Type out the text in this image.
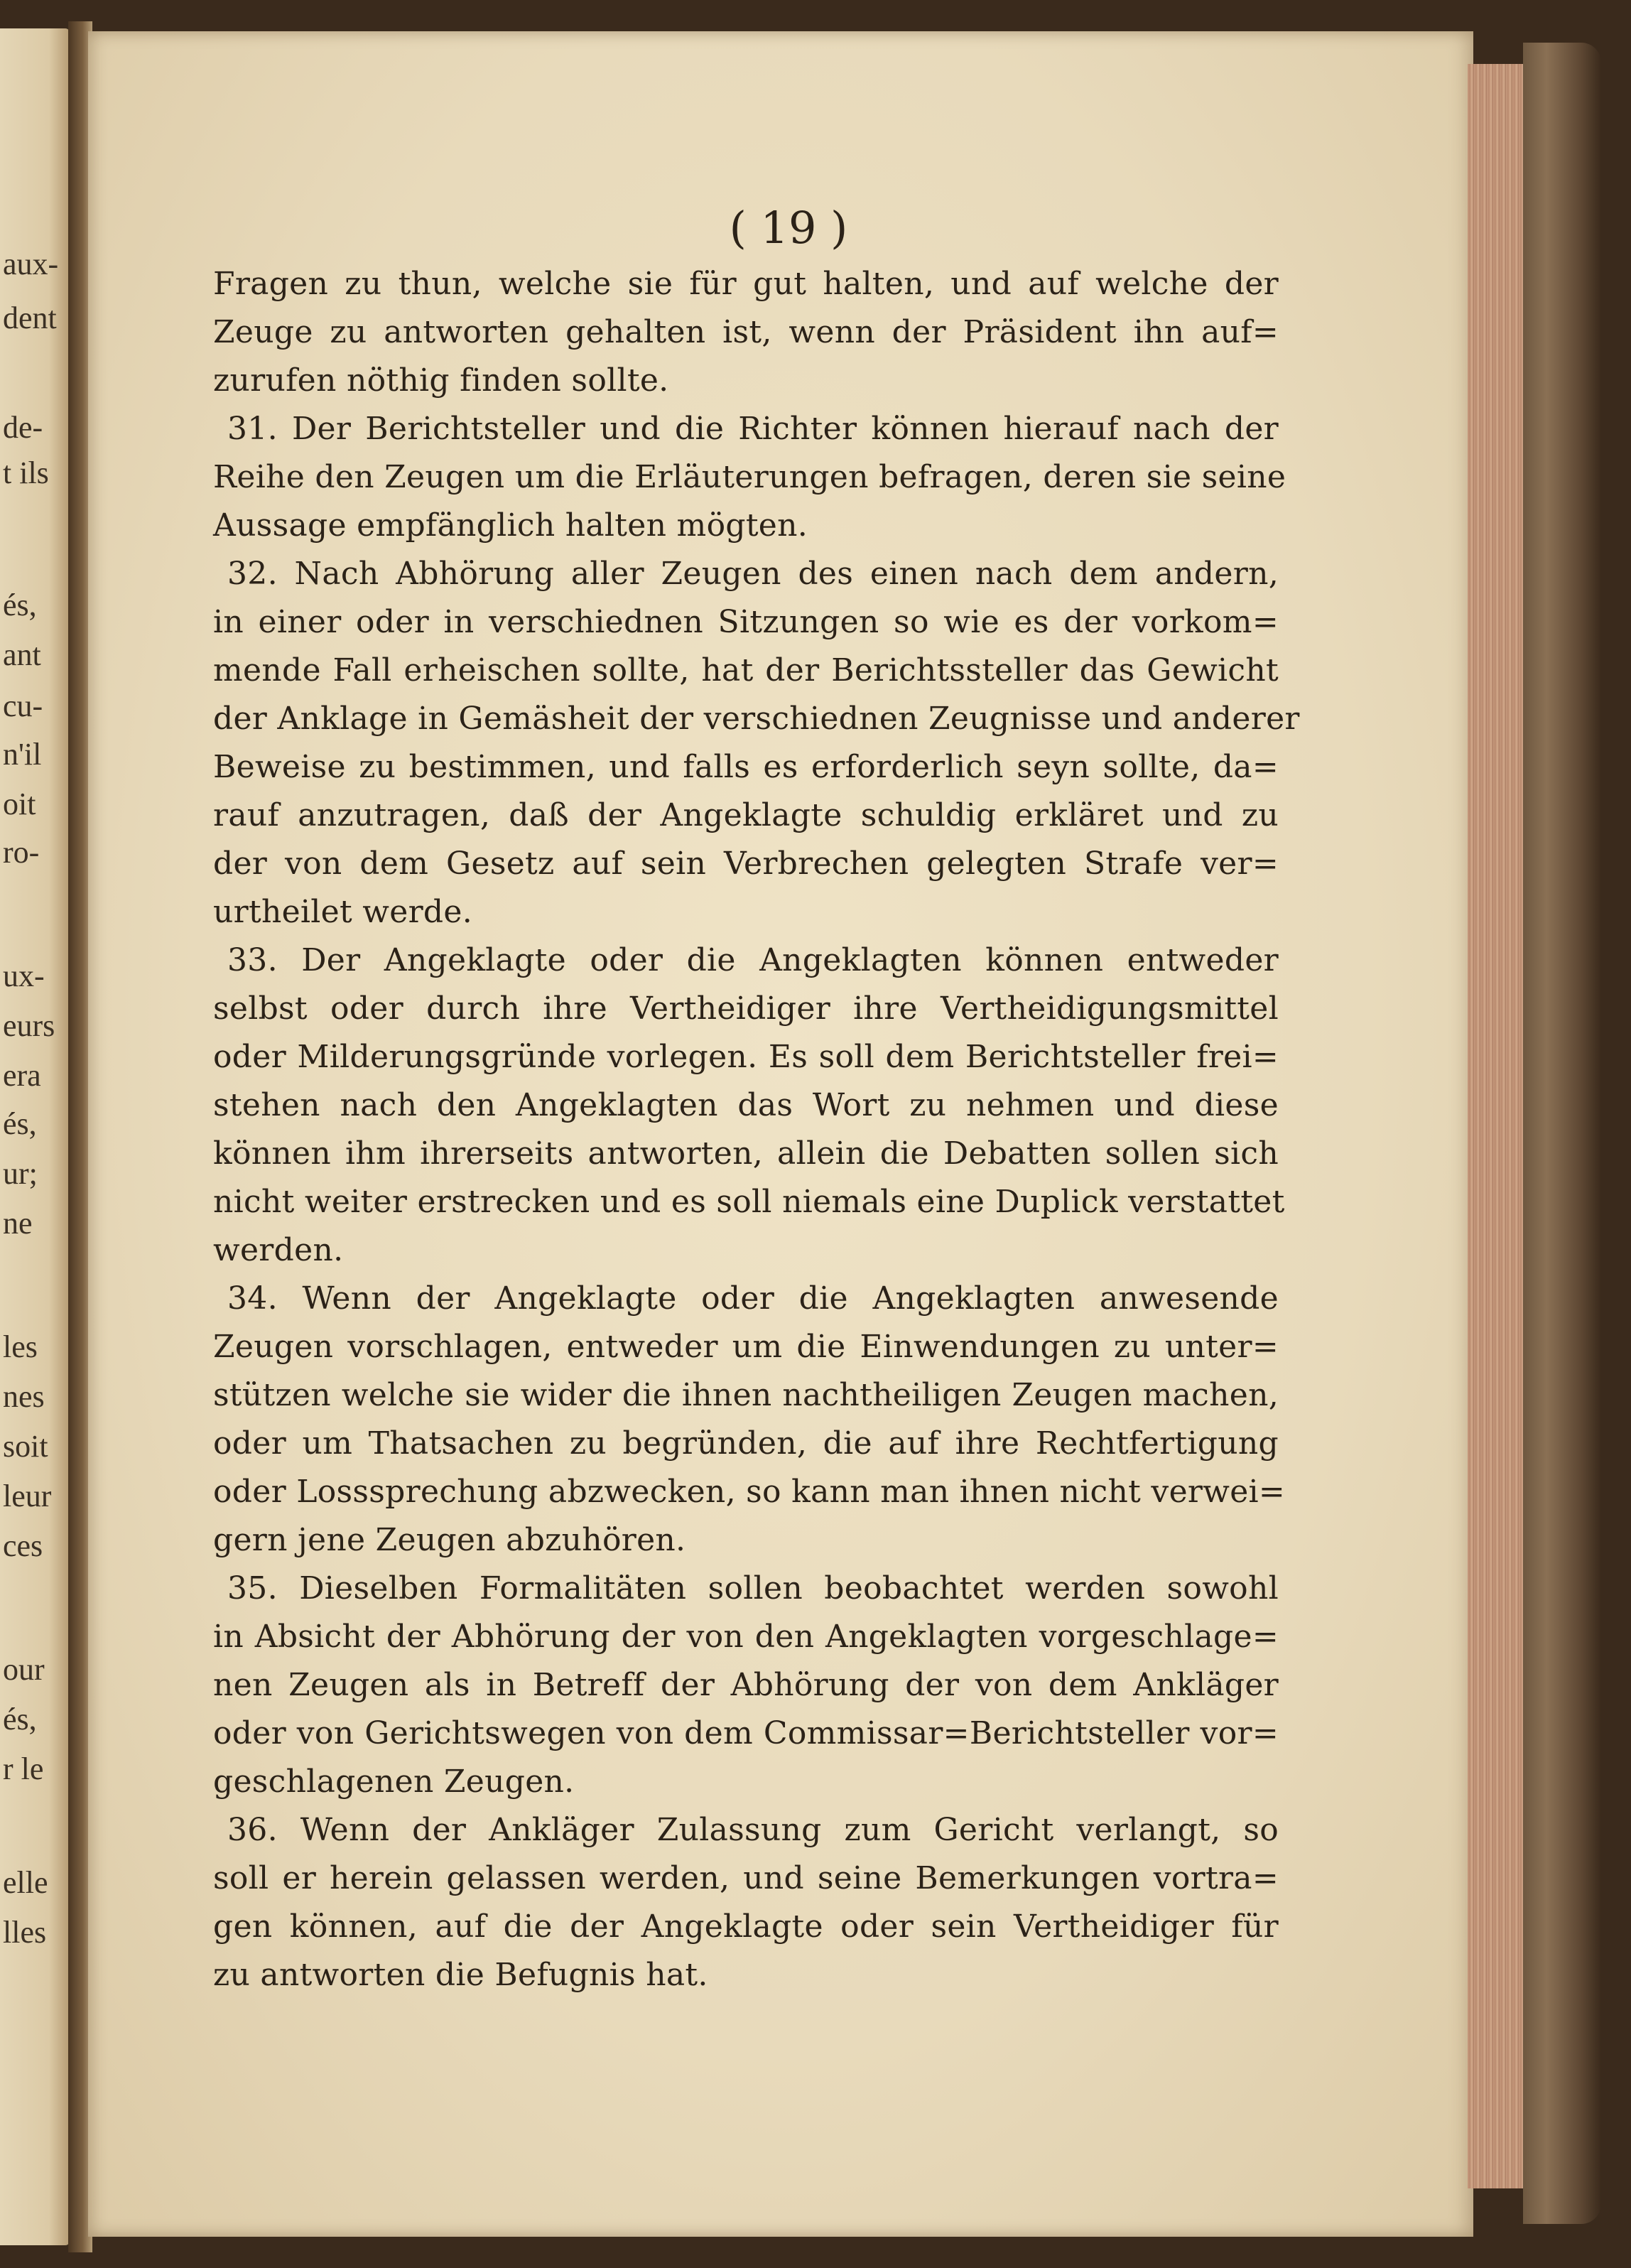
aux-

dent

de-

t ils

és,

ant

cu-

n'il

oit

ro-

ux-

eurs

era

és,

ur;

ne

les

nes

soit

leur

ces

our

és,

r le

elle

lles

( 19 )

Fragen zu thun, welche sie für gut halten, und auf welche der

Zeuge zu antworten gehalten ist, wenn der Präsident ihn auf=

zurufen nöthig finden sollte.

31. Der Berichtsteller und die Richter können hierauf nach der

Reihe den Zeugen um die Erläuterungen befragen, deren sie seine

Aussage empfänglich halten mögten.

32. Nach Abhörung aller Zeugen des einen nach dem andern,

in einer oder in verschiednen Sitzungen so wie es der vorkom=

mende Fall erheischen sollte, hat der Berichtssteller das Gewicht

der Anklage in Gemäsheit der verschiednen Zeugnisse und anderer

Beweise zu bestimmen, und falls es erforderlich seyn sollte, da=

rauf anzutragen, daß der Angeklagte schuldig erkläret und zu

der von dem Gesetz auf sein Verbrechen gelegten Strafe ver=

urtheilet werde.

33. Der Angeklagte oder die Angeklagten können entweder

selbst oder durch ihre Vertheidiger ihre Vertheidigungsmittel

oder Milderungsgründe vorlegen. Es soll dem Berichtsteller frei=

stehen nach den Angeklagten das Wort zu nehmen und diese

können ihm ihrerseits antworten, allein die Debatten sollen sich

nicht weiter erstrecken und es soll niemals eine Duplick verstattet

werden.

34. Wenn der Angeklagte oder die Angeklagten anwesende

Zeugen vorschlagen, entweder um die Einwendungen zu unter=

stützen welche sie wider die ihnen nachtheiligen Zeugen machen,

oder um Thatsachen zu begründen, die auf ihre Rechtfertigung

oder Losssprechung abzwecken, so kann man ihnen nicht verwei=

gern jene Zeugen abzuhören.

35. Dieselben Formalitäten sollen beobachtet werden sowohl

in Absicht der Abhörung der von den Angeklagten vorgeschlage=

nen Zeugen als in Betreff der Abhörung der von dem Ankläger

oder von Gerichtswegen von dem Commissar=Berichtsteller vor=

geschlagenen Zeugen.

36. Wenn der Ankläger Zulassung zum Gericht verlangt, so

soll er herein gelassen werden, und seine Bemerkungen vortra=

gen können, auf die der Angeklagte oder sein Vertheidiger für

zu antworten die Befugnis hat.
